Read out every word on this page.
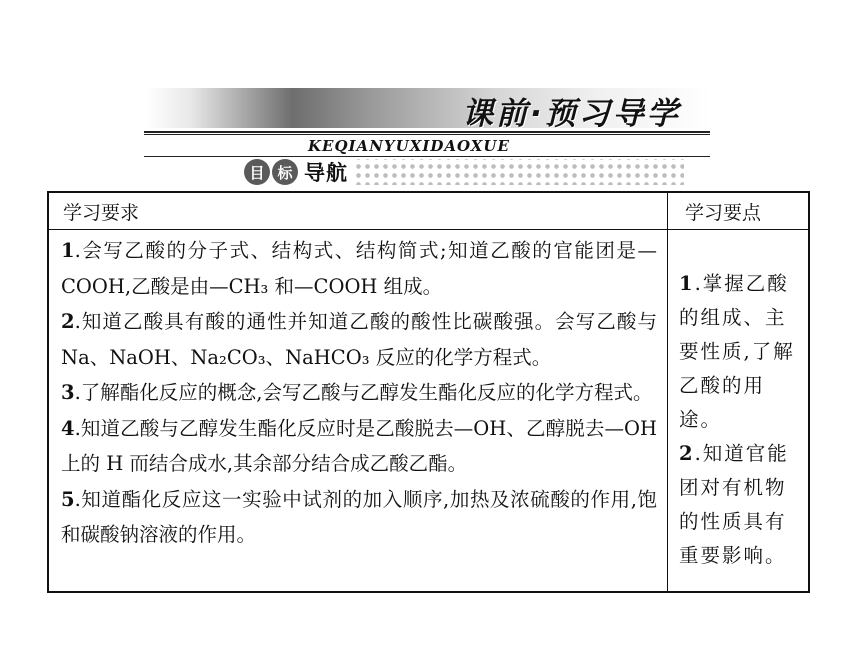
课前·预习导学
KEQIANYUXIDAOXUE
目 标 导航
学习要求	学习要点

1.会写乙酸的分子式、结构式、结构简式;知道乙酸的官能团是—COOH,乙酸是由—CH₃ 和—COOH 组成。

2.知道乙酸具有酸的通性并知道乙酸的酸性比碳酸强。会写乙酸与 Na、NaOH、Na₂CO₃、NaHCO₃ 反应的化学方程式。

3.了解酯化反应的概念,会写乙酸与乙醇发生酯化反应的化学方程式。

4.知道乙酸与乙醇发生酯化反应时是乙酸脱去—OH、乙醇脱去—OH 上的 H 而结合成水,其余部分结合成乙酸乙酯。

5.知道酯化反应这一实验中试剂的加入顺序,加热及浓硫酸的作用,饱和碳酸钠溶液的作用。

1.掌握乙酸的组成、主要性质,了解乙酸的用途。

2.知道官能团对有机物的性质具有重要影响。
